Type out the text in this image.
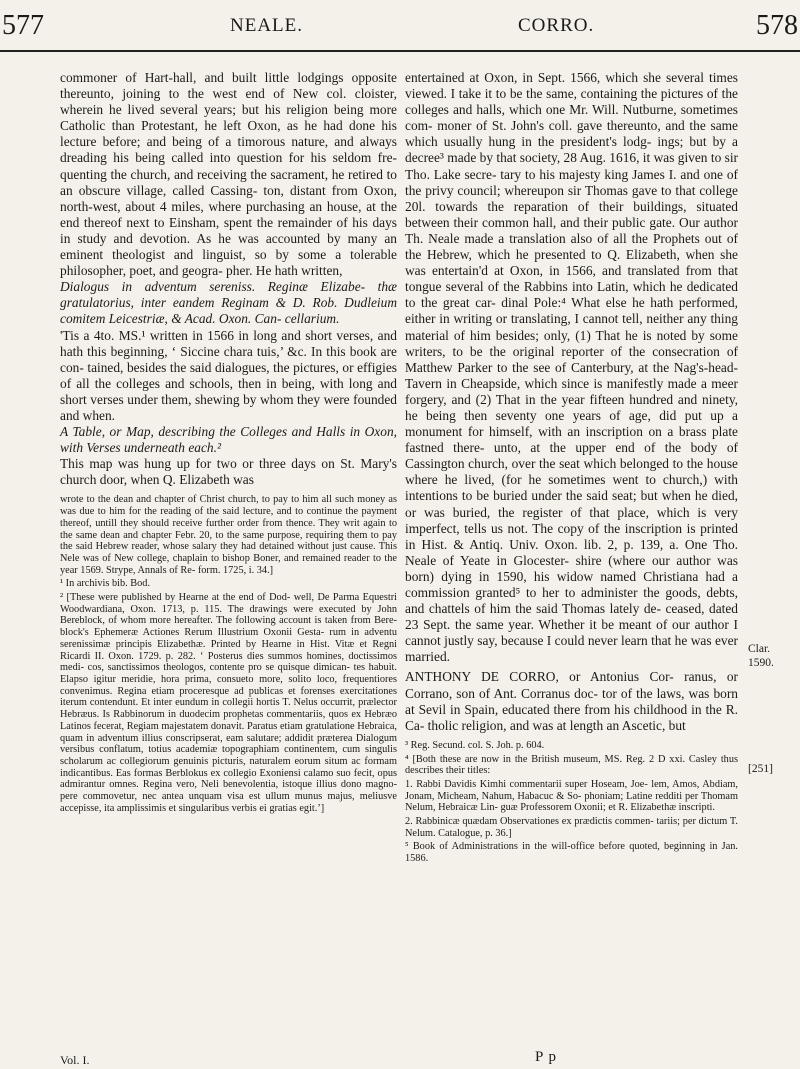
577	NEALE.	CORRO.	578

commoner of Hart-hall, and built little lodgings opposite thereunto, joining to the west end of New col. cloister, wherein he lived several years; but his religion being more Catholic than Protestant, he left Oxon, as he had done his lecture before; and being of a timorous nature, and always dreading his being called into question for his seldom fre- quenting the church, and receiving the sacrament, he retired to an obscure village, called Cassing- ton, distant from Oxon, north-west, about 4 miles, where purchasing an house, at the end thereof next to Einsham, spent the remainder of his days in study and devotion. As he was accounted by many an eminent theologist and linguist, so by some a tolerable philosopher, poet, and geogra- pher. He hath written,

Dialogus in adventum sereniss. Reginæ Elizabe- thæ gratulatorius, inter eandem Reginam & D. Rob. Dudleium comitem Leicestriæ, & Acad. Oxon. Can- cellarium.

'Tis a 4to. MS.¹ written in 1566 in long and short verses, and hath this beginning, ‘ Siccine chara tuis,’ &c. In this book are con- tained, besides the said dialogues, the pictures, or effigies of all the colleges and schools, then in being, with long and short verses under them, shewing by whom they were founded and when.

A Table, or Map, describing the Colleges and Halls in Oxon, with Verses underneath each.²

This map was hung up for two or three days on St. Mary's church door, when Q. Elizabeth was

wrote to the dean and chapter of Christ church, to pay to him all such money as was due to him for the reading of the said lecture, and to continue the payment thereof, untill they should receive further order from thence. They writ again to the same dean and chapter Febr. 20, to the same purpose, requiring them to pay the said Hebrew reader, whose salary they had detained without just cause. This Nele was of New college, chaplain to bishop Boner, and remained reader to the year 1569. Strype, Annals of Re- form. 1725, i. 34.]

¹ In archivis bib. Bod.

² [These were published by Hearne at the end of Dod- well, De Parma Equestri Woodwardiana, Oxon. 1713, p. 115. The drawings were executed by John Bereblock, of whom more hereafter. The following account is taken from Bere- block's Ephemeræ Actiones Rerum Illustrium Oxonii Gesta- rum in adventu serenissimæ principis Elizabethæ. Printed by Hearne in Hist. Vitæ et Regni Ricardi II. Oxon. 1729. p. 282. ‘ Posterus dies summos homines, doctissimos medi- cos, sanctissimos theologos, contente pro se quisque dimican- tes habuit. Elapso igitur meridie, hora prima, consueto more, solito loco, frequentiores convenimus. Regina etiam proceresque ad publicas et forenses exercitationes iterum contendunt. Et inter eundum in collegii hortis T. Nelus occurrit, prælector Hebræus. Is Rabbinorum in duodecim prophetas commentariis, quos ex Hebræo Latinos fecerat, Regiam majestatem donavit. Paratus etiam gratulatione Hebraica, quam in adventum illius conscripserat, eam salutare; addidit præterea Dialogum versibus conflatum, totius academiæ topographiam continentem, cum singulis scholarum ac collegiorum genuinis picturis, naturalem eorum situm ac formam indicantibus. Eas formas Berblokus ex collegio Exoniensi calamo suo fecit, opus admirantur omnes. Regina vero, Neli benevolentia, istoque illius dono magno- pere commovetur, nec antea unquam visa est ullum munus majus, meliusve accepisse, ita amplissimis et singularibus verbis ei gratias egit.’]

entertained at Oxon, in Sept. 1566, which she several times viewed. I take it to be the same, containing the pictures of the colleges and halls, which one Mr. Will. Nutburne, sometimes com- moner of St. John's coll. gave thereunto, and the same which usually hung in the president's lodg- ings; but by a decree³ made by that society, 28 Aug. 1616, it was given to sir Tho. Lake secre- tary to his majesty king James I. and one of the privy council; whereupon sir Thomas gave to that college 20l. towards the reparation of their buildings, situated between their common hall, and their public gate. Our author Th. Neale made a translation also of all the Prophets out of the Hebrew, which he presented to Q. Elizabeth, when she was entertain'd at Oxon, in 1566, and translated from that tongue several of the Rabbins into Latin, which he dedicated to the great car- dinal Pole:⁴ What else he hath performed, either in writing or translating, I cannot tell, neither any thing material of him besides; only, (1) That he is noted by some writers, to be the original reporter of the consecration of Matthew Parker to the see of Canterbury, at the Nag's-head-Tavern in Cheapside, which since is manifestly made a meer forgery, and (2) That in the year fifteen hundred and ninety, he being then seventy one years of age, did put up a monument for himself, with an inscription on a brass plate fastned there- unto, at the upper end of the body of Cassington church, over the seat which belonged to the house where he lived, (for he sometimes went to church,) with intentions to be buried under the said seat; but when he died, or was buried, the register of that place, which is very imperfect, tells us not. The copy of the inscription is printed in Hist. & Antiq. Univ. Oxon. lib. 2, p. 139, a. One Tho. Neale of Yeate in Glocester- shire (where our author was born) dying in 1590, his widow named Christiana had a commission granted⁵ to her to administer the goods, debts, and chattels of him the said Thomas lately de- ceased, dated 23 Sept. the same year. Whether it be meant of our author I cannot justly say, because I could never learn that he was ever married.

ANTHONY DE CORRO, or Antonius Cor- ranus, or Corrano, son of Ant. Corranus doc- tor of the laws, was born at Sevil in Spain, educated there from his childhood in the R. Ca- tholic religion, and was at length an Ascetic, but

³ Reg. Secund. col. S. Joh. p. 604.

⁴ [Both these are now in the British museum, MS. Reg. 2 D xxi. Casley thus describes their titles:

1. Rabbi Davidis Kimhi commentarii super Hoseam, Joe- lem, Amos, Abdiam, Jonam, Micheam, Nahum, Habacuc & So- phoniam; Latine redditi per Thomam Nelum, Hebraicæ Lin- guæ Professorem Oxonii; et R. Elizabethæ inscripti.

2. Rabbinicæ quædam Observationes ex prædictis commen- tariis; per dictum T. Nelum. Catalogue, p. 36.]

⁵ Book of Administrations in the will-office before quoted, beginning in Jan. 1586.

Clar.
1590.
[251]
Vol. I.	P p
